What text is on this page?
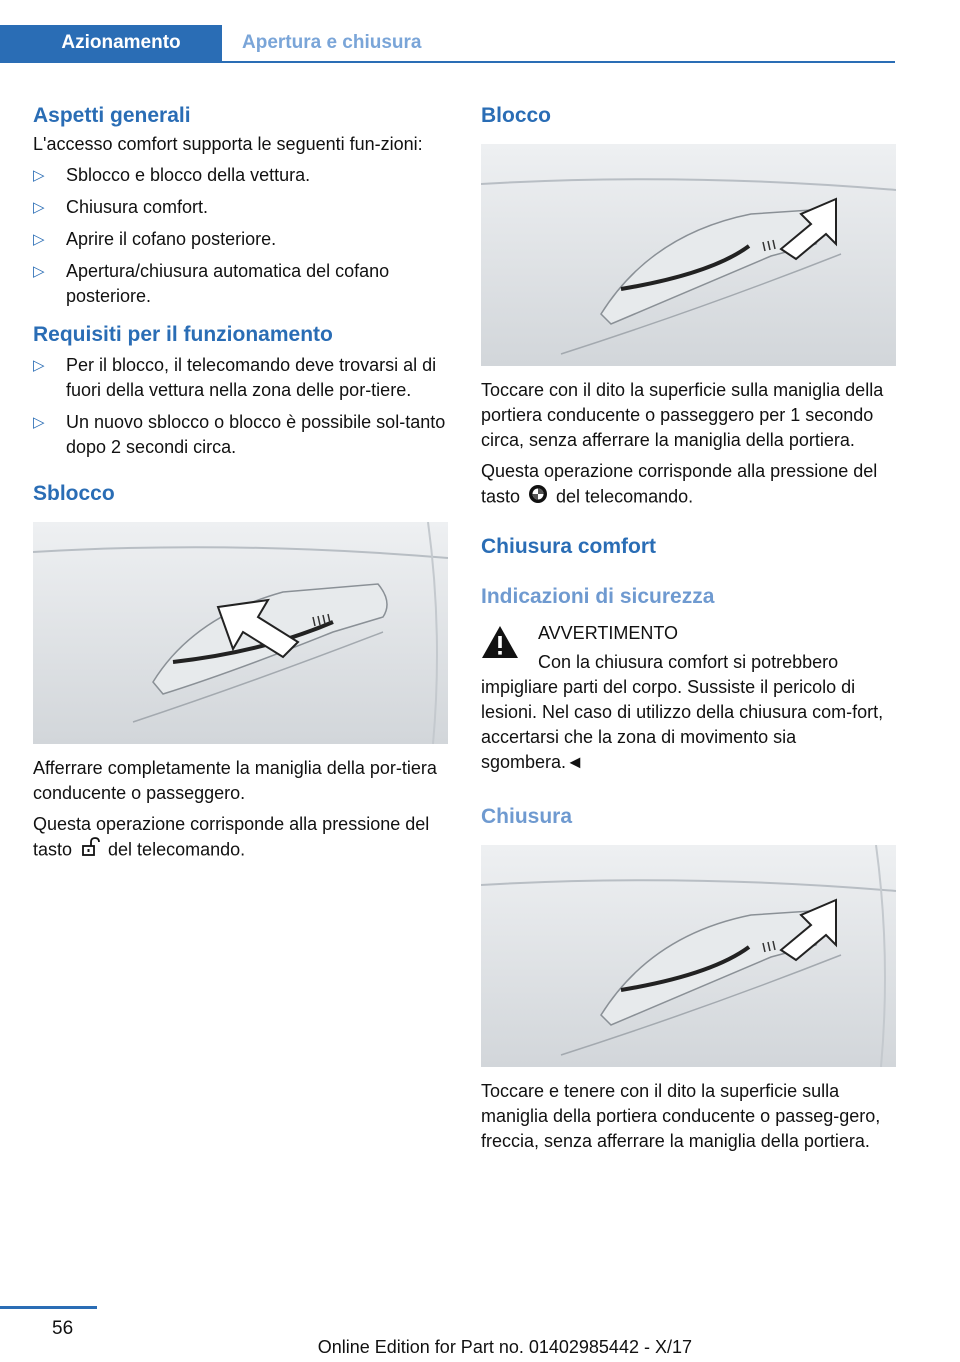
Azionamento	Apertura e chiusura
Aspetti generali

L'accesso comfort supporta le seguenti fun-zioni:

▷ Sblocco e blocco della vettura.
▷ Chiusura comfort.
▷ Aprire il cofano posteriore.
▷ Apertura/chiusura automatica del cofano posteriore.
Requisiti per il funzionamento
▷ Per il blocco, il telecomando deve trovarsi al di fuori della vettura nella zona delle por-tiere.
▷ Un nuovo sblocco o blocco è possibile sol-tanto dopo 2 secondi circa.
Sblocco

Afferrare completamente la maniglia della por-tiera conducente o passeggero.

Questa operazione corrisponde alla pressione del tasto del telecomando.

Blocco

Toccare con il dito la superficie sulla maniglia della portiera conducente o passeggero per 1 secondo circa, senza afferrare la maniglia della portiera.

Questa operazione corrisponde alla pressione del tasto del telecomando.

Chiusura comfort
Indicazioni di sicurezza

AVVERTIMENTO

Con la chiusura comfort si potrebbero impigliare parti del corpo. Sussiste il pericolo di lesioni. Nel caso di utilizzo della chiusura com-fort, accertarsi che la zona di movimento sia sgombera.◄

Chiusura

Toccare e tenere con il dito la superficie sulla maniglia della portiera conducente o passeg-gero, freccia, senza afferrare la maniglia della portiera.

56
Online Edition for Part no. 01402985442 - X/17
